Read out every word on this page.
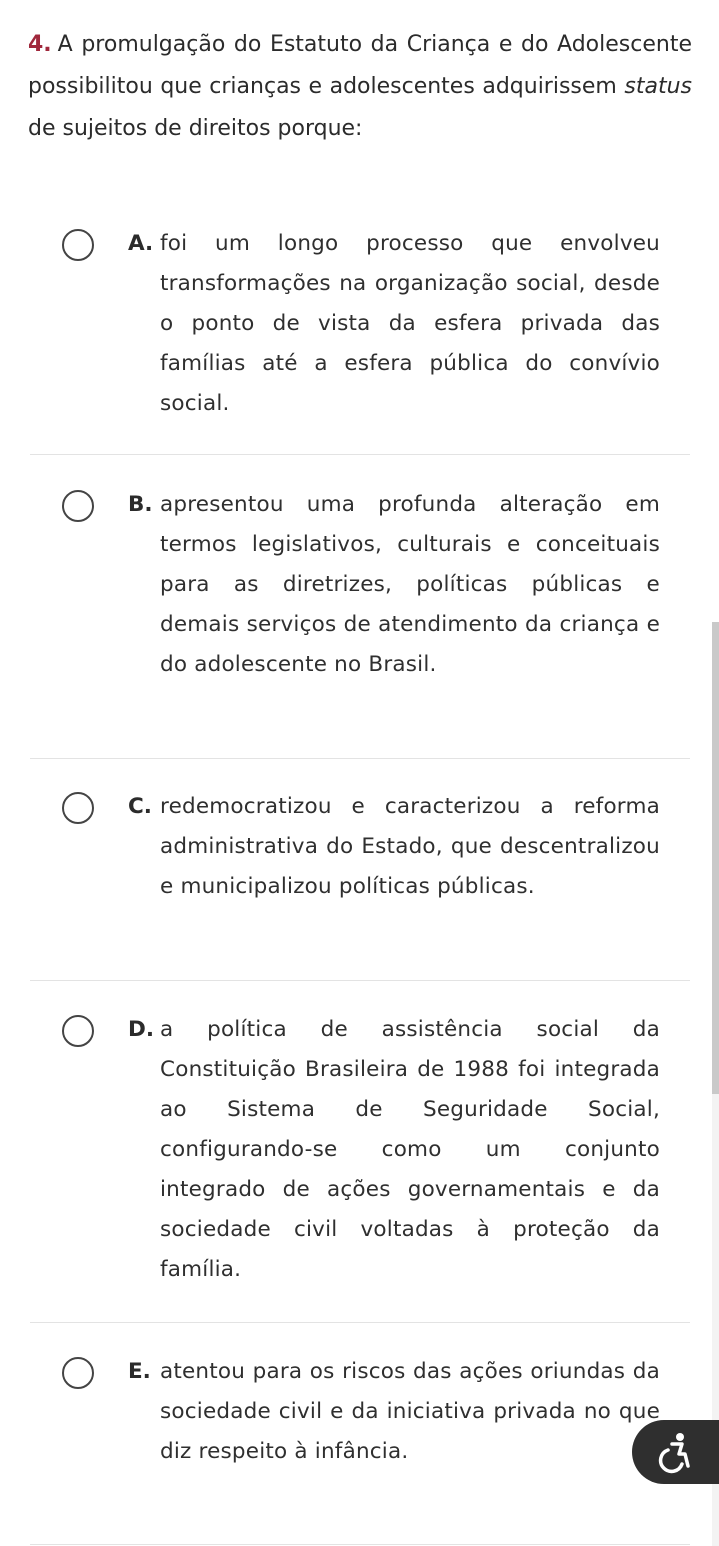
4. A promulgação do Estatuto da Criança e do Adolescente possibilitou que crianças e adolescentes adquirissem status de sujeitos de direitos porque:
A. foi um longo processo que envolveu transformações na organização social, desde o ponto de vista da esfera privada das famílias até a esfera pública do convívio social.
B. apresentou uma profunda alteração em termos legislativos, culturais e conceituais para as diretrizes, políticas públicas e demais serviços de atendimento da criança e do adolescente no Brasil.
C. redemocratizou e caracterizou a reforma administrativa do Estado, que descentralizou e municipalizou políticas públicas.
D. a política de assistência social da Constituição Brasileira de 1988 foi integrada ao Sistema de Seguridade Social, configurando-se como um conjunto integrado de ações governamentais e da sociedade civil voltadas à proteção da família.
E. atentou para os riscos das ações oriundas da sociedade civil e da iniciativa privada no que diz respeito à infância.
